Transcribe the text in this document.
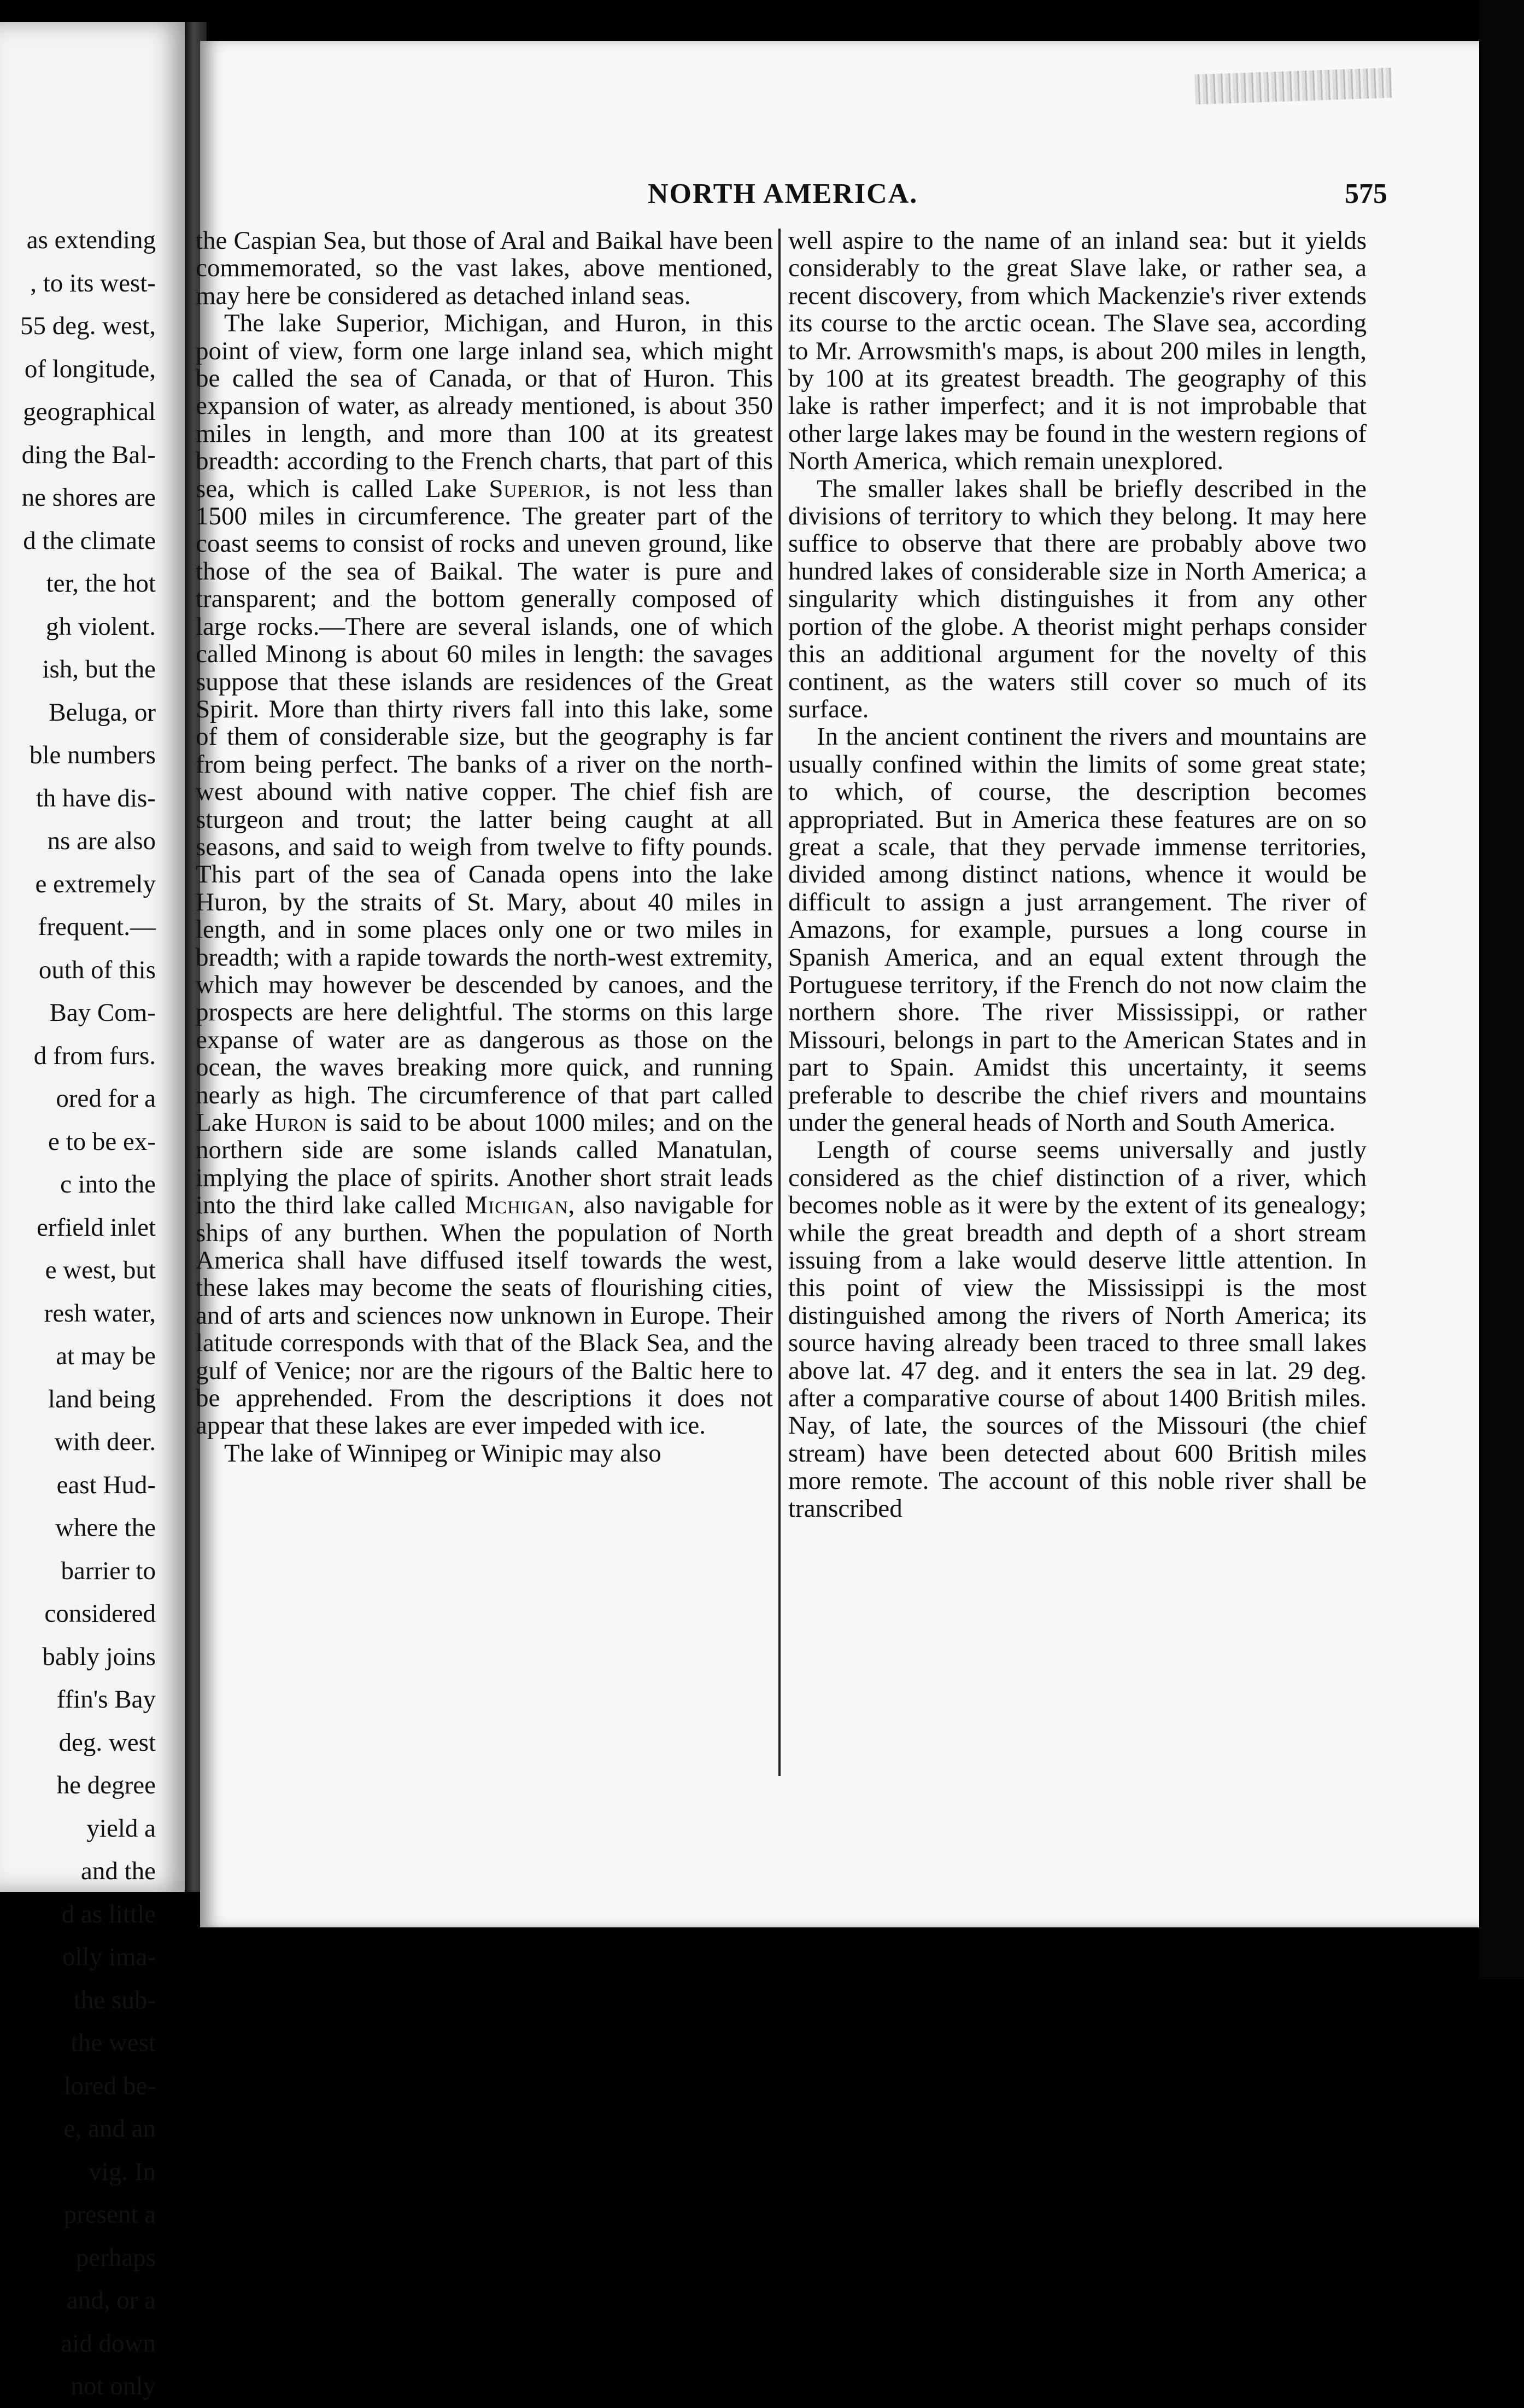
as extending
, to its west-
55 deg. west,
of longitude,
geographical
ding the Bal-
ne shores are
d the climate
ter, the hot
gh violent.
ish, but the
Beluga, or
ble numbers
th have dis-
ns are also
e extremely
frequent.—
outh of this
Bay Com-
d from furs.
ored for a
e to be ex-
c into the
erfield inlet
e west, but
resh water,
at may be
land being
with deer.
east Hud-
where the
barrier to
considered
bably joins
ffin's Bay
deg. west
he degree
yield a
and the
d as little
olly ima-
the sub-
the west
lored be-
e, and an
vig. In
present a
perhaps
and, or a
aid down
not only
NORTH AMERICA.	575

the Caspian Sea, but those of Aral and Baikal have been commemorated, so the vast lakes, above mentioned, may here be considered as detached inland seas.

The lake Superior, Michigan, and Huron, in this point of view, form one large inland sea, which might be called the sea of Canada, or that of Huron. This expansion of water, as already mentioned, is about 350 miles in length, and more than 100 at its greatest breadth: according to the French charts, that part of this sea, which is called Lake Superior, is not less than 1500 miles in circumference. The greater part of the coast seems to consist of rocks and uneven ground, like those of the sea of Baikal. The water is pure and transparent; and the bottom generally composed of large rocks.—There are several islands, one of which called Minong is about 60 miles in length: the savages suppose that these islands are residences of the Great Spirit. More than thirty rivers fall into this lake, some of them of considerable size, but the geography is far from being perfect. The banks of a river on the north-west abound with native copper. The chief fish are sturgeon and trout; the latter being caught at all seasons, and said to weigh from twelve to fifty pounds. This part of the sea of Canada opens into the lake Huron, by the straits of St. Mary, about 40 miles in length, and in some places only one or two miles in breadth; with a rapide towards the north-west extremity, which may however be descended by canoes, and the prospects are here delightful. The storms on this large expanse of water are as dangerous as those on the ocean, the waves breaking more quick, and running nearly as high. The circumference of that part called Lake Huron is said to be about 1000 miles; and on the northern side are some islands called Manatulan, implying the place of spirits. Another short strait leads into the third lake called Michigan, also navigable for ships of any burthen. When the population of North America shall have diffused itself towards the west, these lakes may become the seats of flourishing cities, and of arts and sciences now unknown in Europe. Their latitude corresponds with that of the Black Sea, and the gulf of Venice; nor are the rigours of the Baltic here to be apprehended. From the descriptions it does not appear that these lakes are ever impeded with ice.

The lake of Winnipeg or Winipic may also

well aspire to the name of an inland sea: but it yields considerably to the great Slave lake, or rather sea, a recent discovery, from which Mackenzie's river extends its course to the arctic ocean. The Slave sea, according to Mr. Arrowsmith's maps, is about 200 miles in length, by 100 at its greatest breadth. The geography of this lake is rather imperfect; and it is not improbable that other large lakes may be found in the western regions of North America, which remain unexplored.

The smaller lakes shall be briefly described in the divisions of territory to which they belong. It may here suffice to observe that there are probably above two hundred lakes of considerable size in North America; a singularity which distinguishes it from any other portion of the globe. A theorist might perhaps consider this an additional argument for the novelty of this continent, as the waters still cover so much of its surface.

In the ancient continent the rivers and mountains are usually confined within the limits of some great state; to which, of course, the description becomes appropriated. But in America these features are on so great a scale, that they pervade immense territories, divided among distinct nations, whence it would be difficult to assign a just arrangement. The river of Amazons, for example, pursues a long course in Spanish America, and an equal extent through the Portuguese territory, if the French do not now claim the northern shore. The river Mississippi, or rather Missouri, belongs in part to the American States and in part to Spain. Amidst this uncertainty, it seems preferable to describe the chief rivers and mountains under the general heads of North and South America.

Length of course seems universally and justly considered as the chief distinction of a river, which becomes noble as it were by the extent of its genealogy; while the great breadth and depth of a short stream issuing from a lake would deserve little attention. In this point of view the Mississippi is the most distinguished among the rivers of North America; its source having already been traced to three small lakes above lat. 47 deg. and it enters the sea in lat. 29 deg. after a comparative course of about 1400 British miles. Nay, of late, the sources of the Missouri (the chief stream) have been detected about 600 British miles more remote. The account of this noble river shall be transcribed
